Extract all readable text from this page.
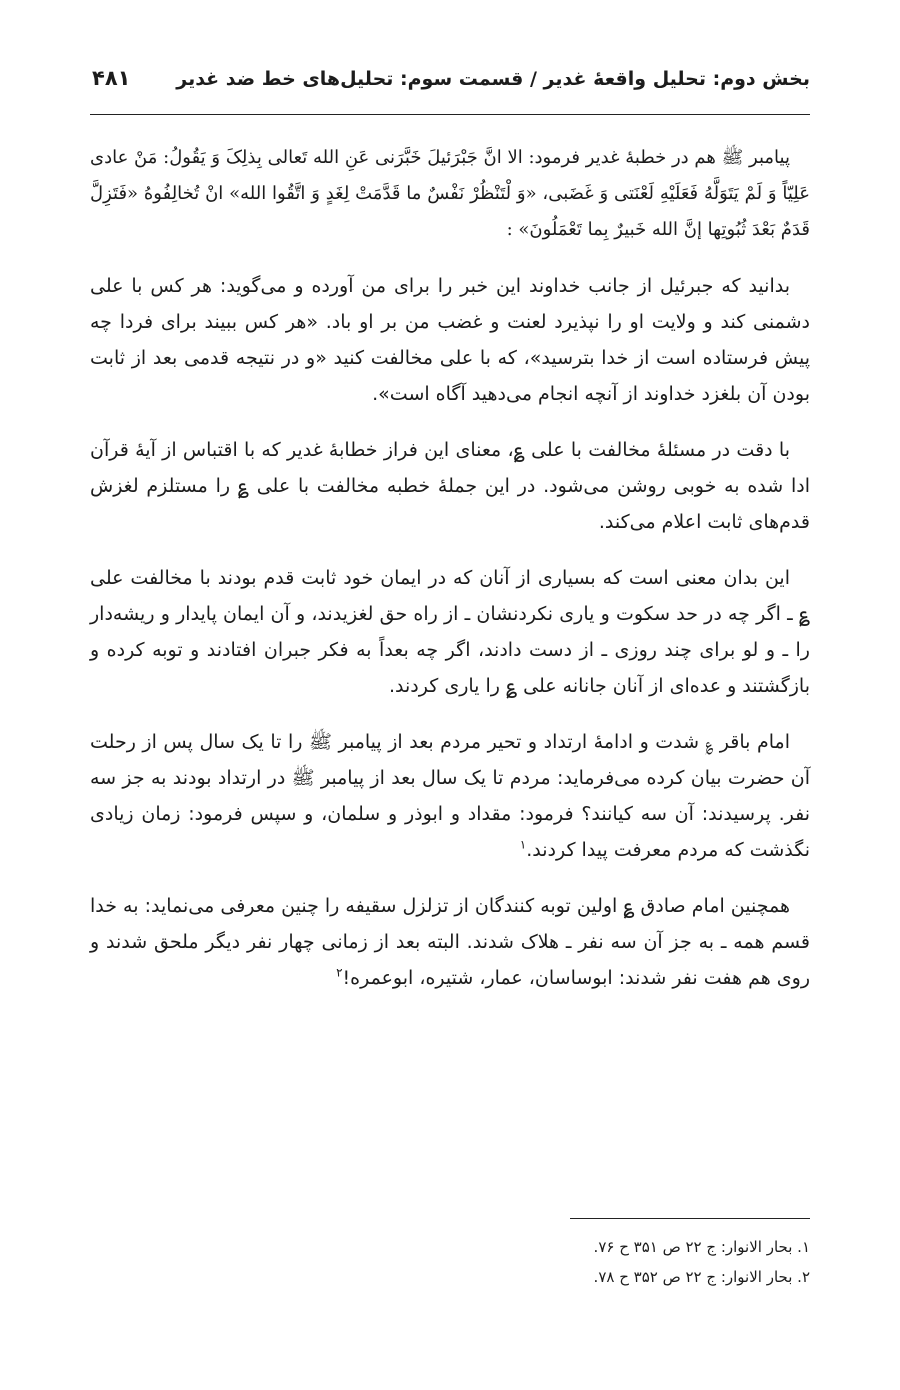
بخش دوم: تحلیل واقعهٔ غدیر / قسمت سوم: تحلیل‌های خط ضد غدیر
۴۸۱

پیامبر ﷺ هم در خطبهٔ غدیر فرمود: الا انَّ جَبْرَئیلَ خَبَّرَنی عَنِ الله تَعالی بِذلِکَ وَ یَقُولُ: مَنْ عادی عَلِیّاً وَ لَمْ یَتَوَلَّهُ فَعَلَیْهِ لَعْنَتی وَ غَضَبی، «وَ لْتَنْظُرْ نَفْسٌ ما قَدَّمَتْ لِغَدٍ وَ اتَّقُوا الله» انْ تُخالِفُوهُ «فَتَزِلَّ قَدَمٌ بَعْدَ ثُبُوتِها إنَّ الله خَبیرٌ بِما تَعْمَلُونَ» :

بدانید که جبرئیل از جانب خداوند این خبر را برای من آورده و می‌گوید: هر کس با علی دشمنی کند و ولایت او را نپذیرد لعنت و غضب من بر او باد. «هر کس ببیند برای فردا چه پیش فرستاده است از خدا بترسید»، که با علی مخالفت کنید «و در نتیجه قدمی بعد از ثابت بودن آن بلغزد خداوند از آنچه انجام می‌دهید آگاه است».

با دقت در مسئلهٔ مخالفت با علی ؏، معنای این فراز خطابهٔ غدیر که با اقتباس از آیهٔ قرآن ادا شده به خوبی روشن می‌شود. در این جملهٔ خطبه مخالفت با علی ؏ را مستلزم لغزش قدم‌های ثابت اعلام می‌کند.

این بدان معنی است که بسیاری از آنان که در ایمان خود ثابت قدم بودند با مخالفت علی ؏ ـ اگر چه در حد سکوت و یاری نکردنشان ـ از راه حق لغزیدند، و آن ایمان پایدار و ریشه‌دار را ـ و لو برای چند روزی ـ از دست دادند، اگر چه بعداً به فکر جبران افتادند و توبه کرده و بازگشتند و عده‌ای از آنان جانانه علی ؏ را یاری کردند.

امام باقر ؏ شدت و ادامهٔ ارتداد و تحیر مردم بعد از پیامبر ﷺ را تا یک سال پس از رحلت آن حضرت بیان کرده می‌فرماید: مردم تا یک سال بعد از پیامبر ﷺ در ارتداد بودند به جز سه نفر. پرسیدند: آن سه کیانند؟ فرمود: مقداد و ابوذر و سلمان، و سپس فرمود: زمان زیادی نگذشت که مردم معرفت پیدا کردند.$^۱$

همچنین امام صادق ؏ اولین توبه کنندگان از تزلزل سقیفه را چنین معرفی می‌نماید: به خدا قسم همه ـ به جز آن سه نفر ـ هلاک شدند. البته بعد از زمانی چهار نفر دیگر ملحق شدند و روی هم هفت نفر شدند: ابوساسان، عمار، شتیره، ابوعمره!$^۲$

۱. بحار الانوار: ج ۲۲ ص ۳۵۱ ح ۷۶.

۲. بحار الانوار: ج ۲۲ ص ۳۵۲ ح ۷۸.
